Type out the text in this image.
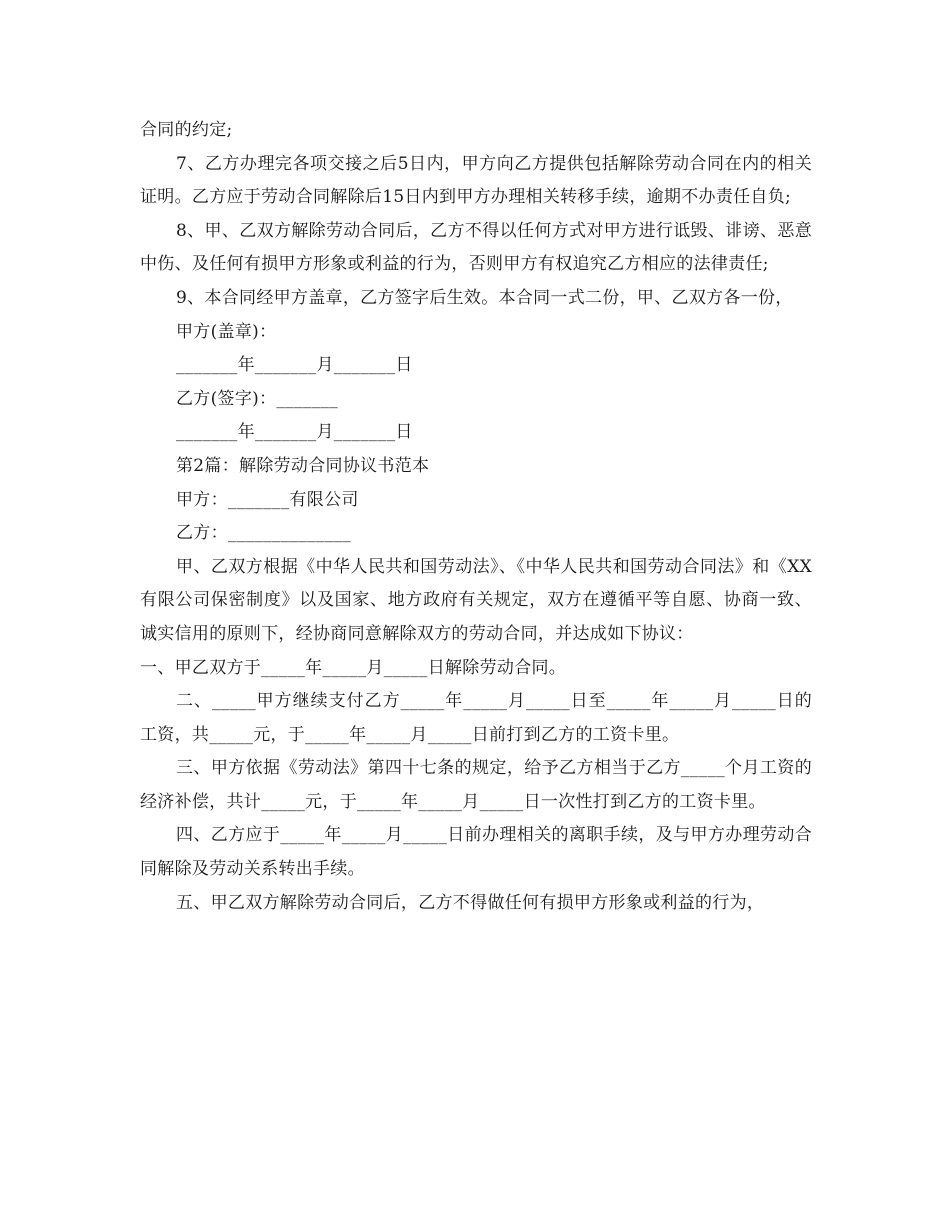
合同的约定;

7、乙方办理完各项交接之后5日内，甲方向乙方提供包括解除劳动合同在内的相关证明。乙方应于劳动合同解除后15日内到甲方办理相关转移手续，逾期不办责任自负;

8、甲、乙双方解除劳动合同后，乙方不得以任何方式对甲方进行诋毁、诽谤、恶意中伤、及任何有损甲方形象或利益的行为，否则甲方有权追究乙方相应的法律责任;

9、本合同经甲方盖章，乙方签字后生效。本合同一式二份，甲、乙双方各一份，

甲方(盖章)：

_______年_______月_______日

乙方(签字)：_______

_______年_______月_______日

第2篇：解除劳动合同协议书范本

甲方：_______有限公司

乙方：______________

甲、乙双方根据《中华人民共和国劳动法》、《中华人民共和国劳动合同法》和《XX有限公司保密制度》以及国家、地方政府有关规定，双方在遵循平等自愿、协商一致、诚实信用的原则下，经协商同意解除双方的劳动合同，并达成如下协议：

一、甲乙双方于_____年_____月_____日解除劳动合同。

二、_____甲方继续支付乙方_____年_____月_____日至_____年_____月_____日的工资，共_____元，于_____年_____月_____日前打到乙方的工资卡里。

三、甲方依据《劳动法》第四十七条的规定，给予乙方相当于乙方_____个月工资的经济补偿，共计_____元，于_____年_____月_____日一次性打到乙方的工资卡里。

四、乙方应于_____年_____月_____日前办理相关的离职手续，及与甲方办理劳动合同解除及劳动关系转出手续。

五、甲乙双方解除劳动合同后，乙方不得做任何有损甲方形象或利益的行为，
